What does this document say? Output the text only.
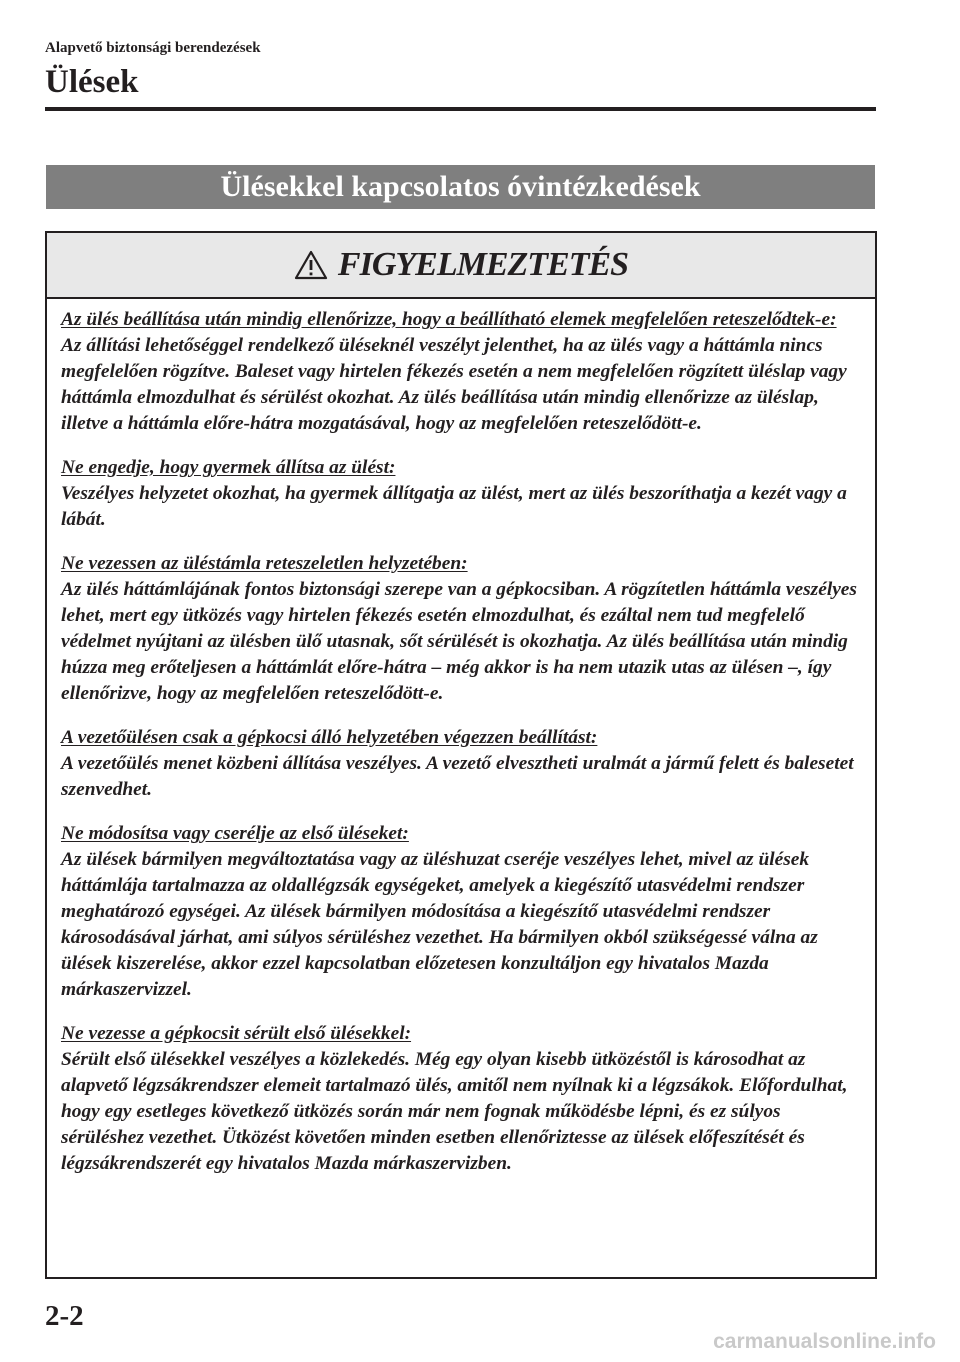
Alapvető biztonsági berendezések
Ülések
Ülésekkel kapcsolatos óvintézkedések
FIGYELMEZTETÉS
Az ülés beállítása után mindig ellenőrizze, hogy a beállítható elemek megfelelően reteszelődtek-e:
Az állítási lehetőséggel rendelkező üléseknél veszélyt jelenthet, ha az ülés vagy a háttámla nincs megfelelően rögzítve. Baleset vagy hirtelen fékezés esetén a nem megfelelően rögzített üléslap vagy háttámla elmozdulhat és sérülést okozhat. Az ülés beállítása után mindig ellenőrizze az üléslap, illetve a háttámla előre-hátra mozgatásával, hogy az megfelelően reteszelődött-e.
Ne engedje, hogy gyermek állítsa az ülést:
Veszélyes helyzetet okozhat, ha gyermek állítgatja az ülést, mert az ülés beszoríthatja a kezét vagy a lábát.
Ne vezessen az üléstámla reteszeletlen helyzetében:
Az ülés háttámlájának fontos biztonsági szerepe van a gépkocsiban. A rögzítetlen háttámla veszélyes lehet, mert egy ütközés vagy hirtelen fékezés esetén elmozdulhat, és ezáltal nem tud megfelelő védelmet nyújtani az ülésben ülő utasnak, sőt sérülését is okozhatja. Az ülés beállítása után mindig húzza meg erőteljesen a háttámlát előre-hátra – még akkor is ha nem utazik utas az ülésen –, így ellenőrizve, hogy az megfelelően reteszelődött-e.
A vezetőülésen csak a gépkocsi álló helyzetében végezzen beállítást:
A vezetőülés menet közbeni állítása veszélyes. A vezető elvesztheti uralmát a jármű felett és balesetet szenvedhet.
Ne módosítsa vagy cserélje az első üléseket:
Az ülések bármilyen megváltoztatása vagy az üléshuzat cseréje veszélyes lehet, mivel az ülések háttámlája tartalmazza az oldallégzsák egységeket, amelyek a kiegészítő utasvédelmi rendszer meghatározó egységei. Az ülések bármilyen módosítása a kiegészítő utasvédelmi rendszer károsodásával járhat, ami súlyos sérüléshez vezethet. Ha bármilyen okból szükségessé válna az ülések kiszerelése, akkor ezzel kapcsolatban előzetesen konzultáljon egy hivatalos Mazda márkaszervizzel.
Ne vezesse a gépkocsit sérült első ülésekkel:
Sérült első ülésekkel veszélyes a közlekedés. Még egy olyan kisebb ütközéstől is károsodhat az alapvető légzsákrendszer elemeit tartalmazó ülés, amitől nem nyílnak ki a légzsákok. Előfordulhat, hogy egy esetleges következő ütközés során már nem fognak működésbe lépni, és ez súlyos sérüléshez vezethet. Ütközést követően minden esetben ellenőriztesse az ülések előfeszítését és légzsákrendszerét egy hivatalos Mazda márkaszervizben.
2-2
carmanualsonline.info
